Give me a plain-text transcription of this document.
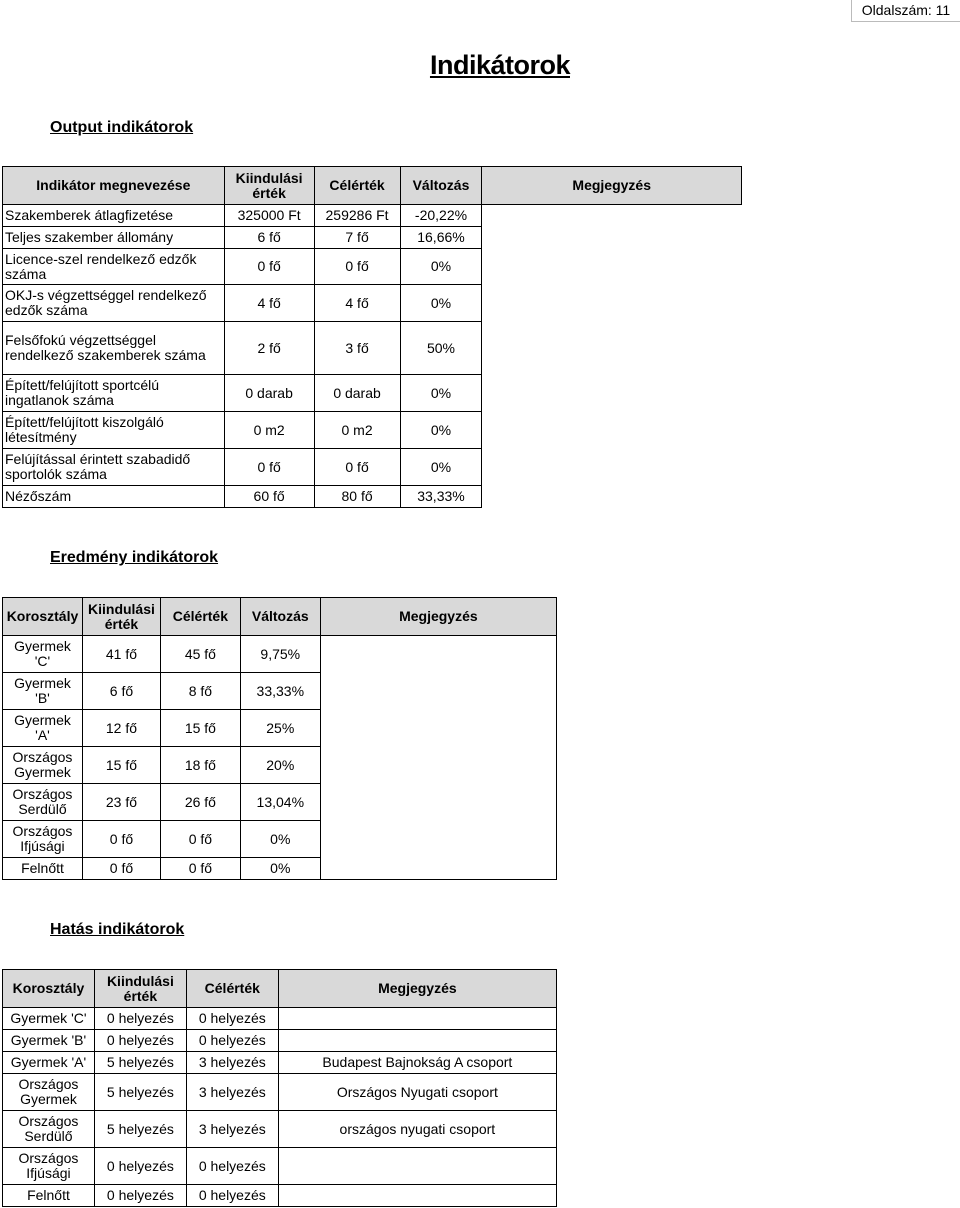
Oldalszám: 11
Indikátorok
Output indikátorok
Indikátor megnevezése	Kiindulási érték	Célérték	Változás	Megjegyzés
Szakemberek átlagfizetése	325000 Ft	259286 Ft	-20,22%	
Teljes szakember állomány	6 fő	7 fő	16,66%	
Licence-szel rendelkező edzők száma	0 fő	0 fő	0%	
OKJ-s végzettséggel rendelkező edzők száma	4 fő	4 fő	0%	
Felsőfokú végzettséggel rendelkező szakemberek száma	2 fő	3 fő	50%	
Épített/felújított sportcélú ingatlanok száma	0 darab	0 darab	0%	
Épített/felújított kiszolgáló létesítmény	0 m2	0 m2	0%	
Felújítással érintett szabadidő sportolók száma	0 fő	0 fő	0%	
Nézőszám	60 fő	80 fő	33,33%	
Eredmény indikátorok
Korosztály	Kiindulási érték	Célérték	Változás	Megjegyzés
Gyermek 'C'	41 fő	45 fő	9,75%	
Gyermek 'B'	6 fő	8 fő	33,33%	
Gyermek 'A'	12 fő	15 fő	25%	
Országos Gyermek	15 fő	18 fő	20%	
Országos Serdülő	23 fő	26 fő	13,04%	
Országos Ifjúsági	0 fő	0 fő	0%	
Felnőtt	0 fő	0 fő	0%	
Hatás indikátorok
Korosztály	Kiindulási érték	Célérték	Megjegyzés
Gyermek 'C'	0 helyezés	0 helyezés	
Gyermek 'B'	0 helyezés	0 helyezés	
Gyermek 'A'	5 helyezés	3 helyezés	Budapest Bajnokság A csoport
Országos Gyermek	5 helyezés	3 helyezés	Országos Nyugati csoport
Országos Serdülő	5 helyezés	3 helyezés	országos nyugati csoport
Országos Ifjúsági	0 helyezés	0 helyezés	
Felnőtt	0 helyezés	0 helyezés	
